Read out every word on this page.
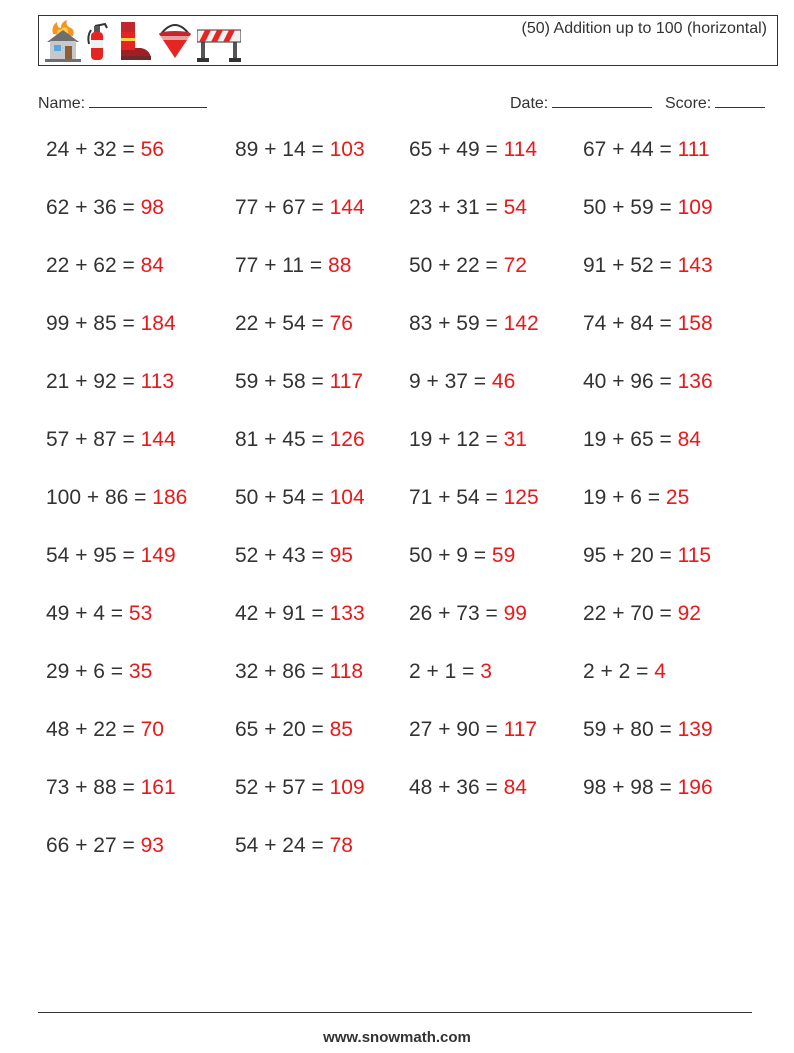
(50) Addition up to 100 (horizontal)
Name:	Date:	Score:
24 + 32 = 56	89 + 14 = 103 65 + 49 = 114 67 + 44 = 111
62 + 36 = 98	77 + 67 = 144 23 + 31 = 54	50 + 59 = 109
22 + 62 = 84	77 + 11 = 88	50 + 22 = 72	91 + 52 = 143
99 + 85 = 184	22 + 54 = 76	83 + 59 = 142 74 + 84 = 158
21 + 92 = 113	59 + 58 = 117 9 + 37 = 46	40 + 96 = 136
57 + 87 = 144	81 + 45 = 126 19 + 12 = 31	19 + 65 = 84
100 + 86 = 186 50 + 54 = 104 71 + 54 = 125 19 + 6 = 25
54 + 95 = 149	52 + 43 = 95	50 + 9 = 59	95 + 20 = 115
49 + 4 = 53	42 + 91 = 133 26 + 73 = 99	22 + 70 = 92
29 + 6 = 35	32 + 86 = 118 2 + 1 = 3	2 + 2 = 4
48 + 22 = 70	65 + 20 = 85	27 + 90 = 117 59 + 80 = 139
73 + 88 = 161	52 + 57 = 109 48 + 36 = 84	98 + 98 = 196
66 + 27 = 93	54 + 24 = 78
www.snowmath.com
